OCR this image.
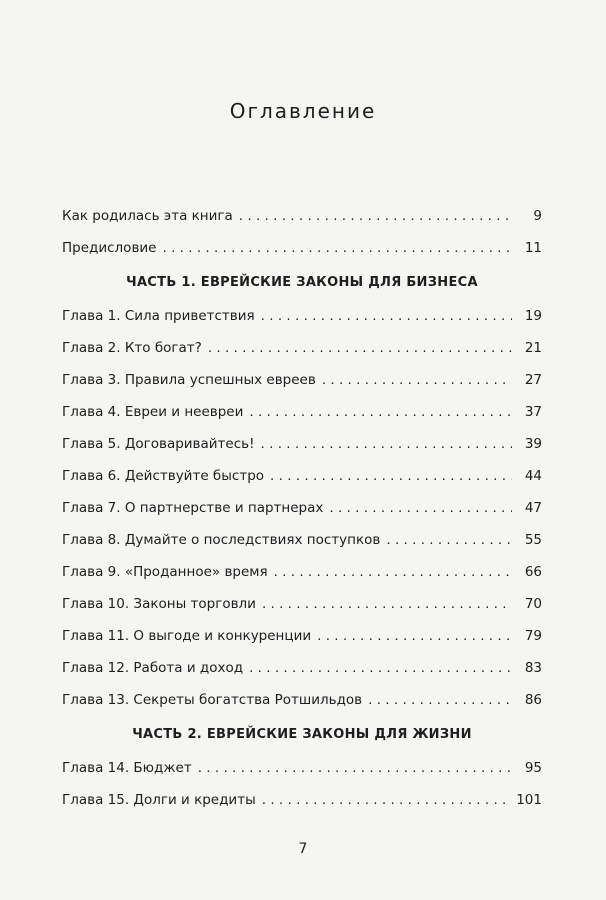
Оглавление
Как родилась эта книга . . .	9
Предисловие . . .	11
ЧАСТЬ 1. ЕВРЕЙСКИЕ ЗАКОНЫ ДЛЯ БИЗНЕСА
Глава 1. Сила приветствия . . .	19
Глава 2. Кто богат? . . .	21
Глава 3. Правила успешных евреев . . .	27
Глава 4. Евреи и неевреи . . .	37
Глава 5. Договаривайтесь! . . .	39
Глава 6. Действуйте быстро . . .	44
Глава 7. О партнерстве и партнерах . . .	47
Глава 8. Думайте о последствиях поступков . . .	55
Глава 9. «Проданное» время . . .	66
Глава 10. Законы торговли . . .	70
Глава 11. О выгоде и конкуренции . . .	79
Глава 12. Работа и доход . . .	83
Глава 13. Секреты богатства Ротшильдов . . .	86
ЧАСТЬ 2. ЕВРЕЙСКИЕ ЗАКОНЫ ДЛЯ ЖИЗНИ
Глава 14. Бюджет . . .	95
Глава 15. Долги и кредиты . . .	101
7
